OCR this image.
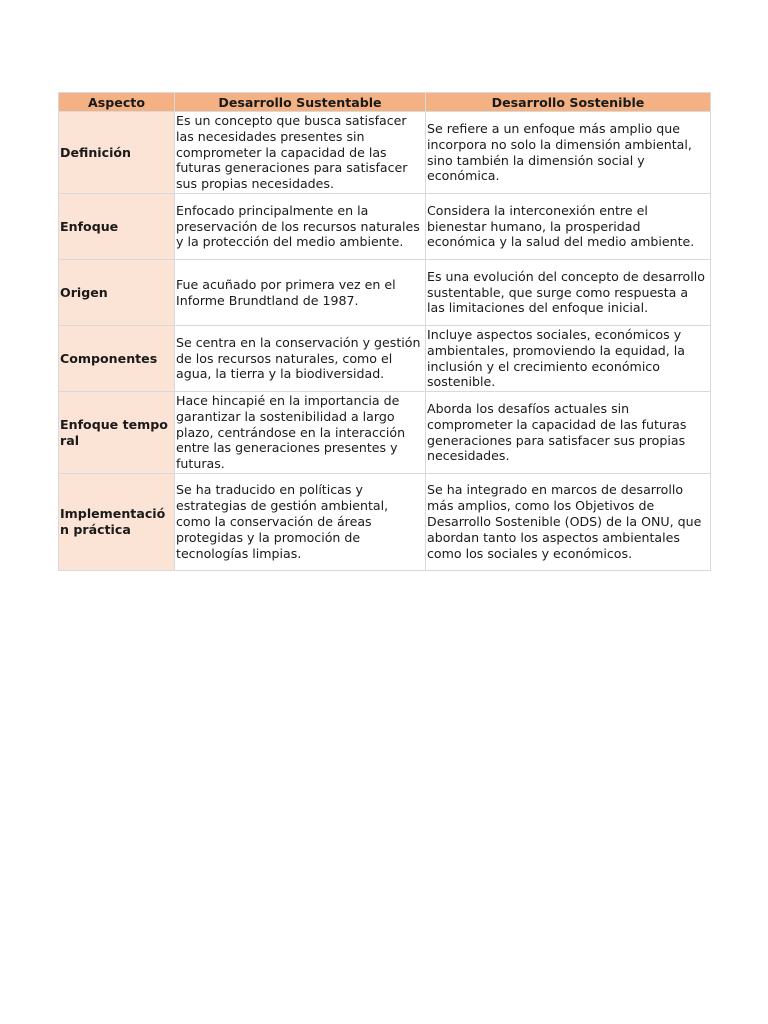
Aspecto	Desarrollo Sustentable	Desarrollo Sostenible
Definición	Es un concepto que busca satisfacer las necesidades presentes sin comprometer la capacidad de las futuras generaciones para satisfacer sus propias necesidades.	Se refiere a un enfoque más amplio que incorpora no solo la dimensión ambiental, sino también la dimensión social y económica.
Enfoque	Enfocado principalmente en la preservación de los recursos naturales y la protección del medio ambiente.	Considera la interconexión entre el bienestar humano, la prosperidad económica y la salud del medio ambiente.
Origen	Fue acuñado por primera vez en el Informe Brundtland de 1987.	Es una evolución del concepto de desarrollo sustentable, que surge como respuesta a las limitaciones del enfoque inicial.
Componentes	Se centra en la conservación y gestión de los recursos naturales, como el agua, la tierra y la biodiversidad.	Incluye aspectos sociales, económicos y ambientales, promoviendo la equidad, la inclusión y el crecimiento económico sostenible.
Enfoque temporal	Hace hincapié en la importancia de garantizar la sostenibilidad a largo plazo, centrándose en la interacción entre las generaciones presentes y futuras.	Aborda los desafíos actuales sin comprometer la capacidad de las futuras generaciones para satisfacer sus propias necesidades.
Implementación práctica	Se ha traducido en políticas y estrategias de gestión ambiental, como la conservación de áreas protegidas y la promoción de tecnologías limpias.	Se ha integrado en marcos de desarrollo más amplios, como los Objetivos de Desarrollo Sostenible (ODS) de la ONU, que abordan tanto los aspectos ambientales como los sociales y económicos.
